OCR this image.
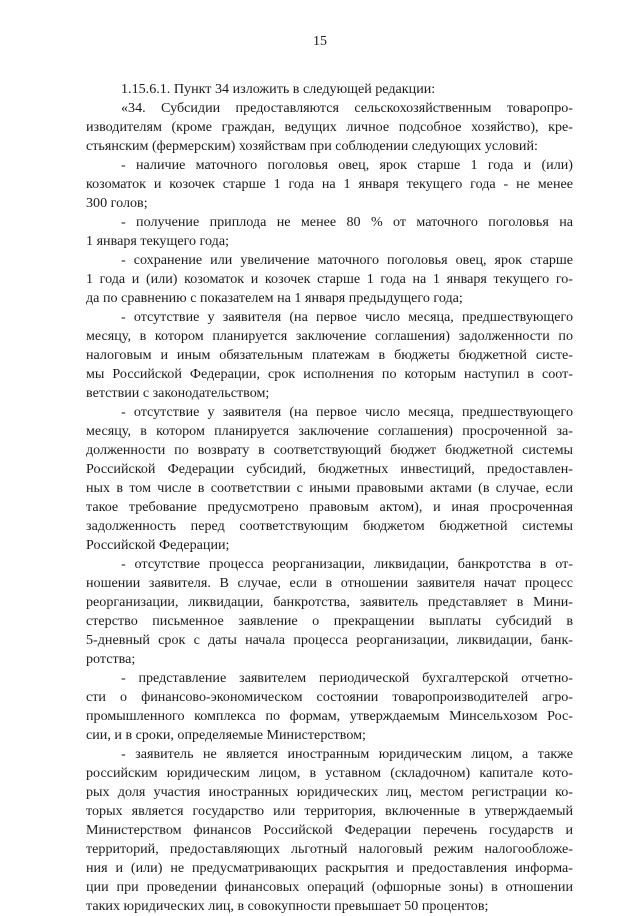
15
1.15.6.1. Пункт 34 изложить в следующей редакции:
«34. Субсидии предоставляются сельскохозяйственным товаропро-
изводителям (кроме граждан, ведущих личное подсобное хозяйство), кре-
стьянским (фермерским) хозяйствам при соблюдении следующих условий:
- наличие маточного поголовья овец, ярок старше 1 года и (или)
козоматок и козочек старше 1 года на 1 января текущего года - не менее
300 голов;
- получение приплода не менее 80 % от маточного поголовья на
1 января текущего года;
- сохранение или увеличение маточного поголовья овец, ярок старше
1 года и (или) козоматок и козочек старше 1 года на 1 января текущего го-
да по сравнению с показателем на 1 января предыдущего года;
- отсутствие у заявителя (на первое число месяца, предшествующего
месяцу, в котором планируется заключение соглашения) задолженности по
налоговым и иным обязательным платежам в бюджеты бюджетной систе-
мы Российской Федерации, срок исполнения по которым наступил в соот-
ветствии с законодательством;
- отсутствие у заявителя (на первое число месяца, предшествующего
месяцу, в котором планируется заключение соглашения) просроченной за-
долженности по возврату в соответствующий бюджет бюджетной системы
Российской Федерации субсидий, бюджетных инвестиций, предоставлен-
ных в том числе в соответствии с иными правовыми актами (в случае, если
такое требование предусмотрено правовым актом), и иная просроченная
задолженность перед соответствующим бюджетом бюджетной системы
Российской Федерации;
- отсутствие процесса реорганизации, ликвидации, банкротства в от-
ношении заявителя. В случае, если в отношении заявителя начат процесс
реорганизации, ликвидации, банкротства, заявитель представляет в Мини-
стерство письменное заявление о прекращении выплаты субсидий в
5-дневный срок с даты начала процесса реорганизации, ликвидации, банк-
ротства;
- представление заявителем периодической бухгалтерской отчетно-
сти о финансово-экономическом состоянии товаропроизводителей агро-
промышленного комплекса по формам, утверждаемым Минсельхозом Рос-
сии, и в сроки, определяемые Министерством;
- заявитель не является иностранным юридическим лицом, а также
российским юридическим лицом, в уставном (складочном) капитале кото-
рых доля участия иностранных юридических лиц, местом регистрации ко-
торых является государство или территория, включенные в утверждаемый
Министерством финансов Российской Федерации перечень государств и
территорий, предоставляющих льготный налоговый режим налогообложе-
ния и (или) не предусматривающих раскрытия и предоставления информа-
ции при проведении финансовых операций (офшорные зоны) в отношении
таких юридических лиц, в совокупности превышает 50 процентов;
